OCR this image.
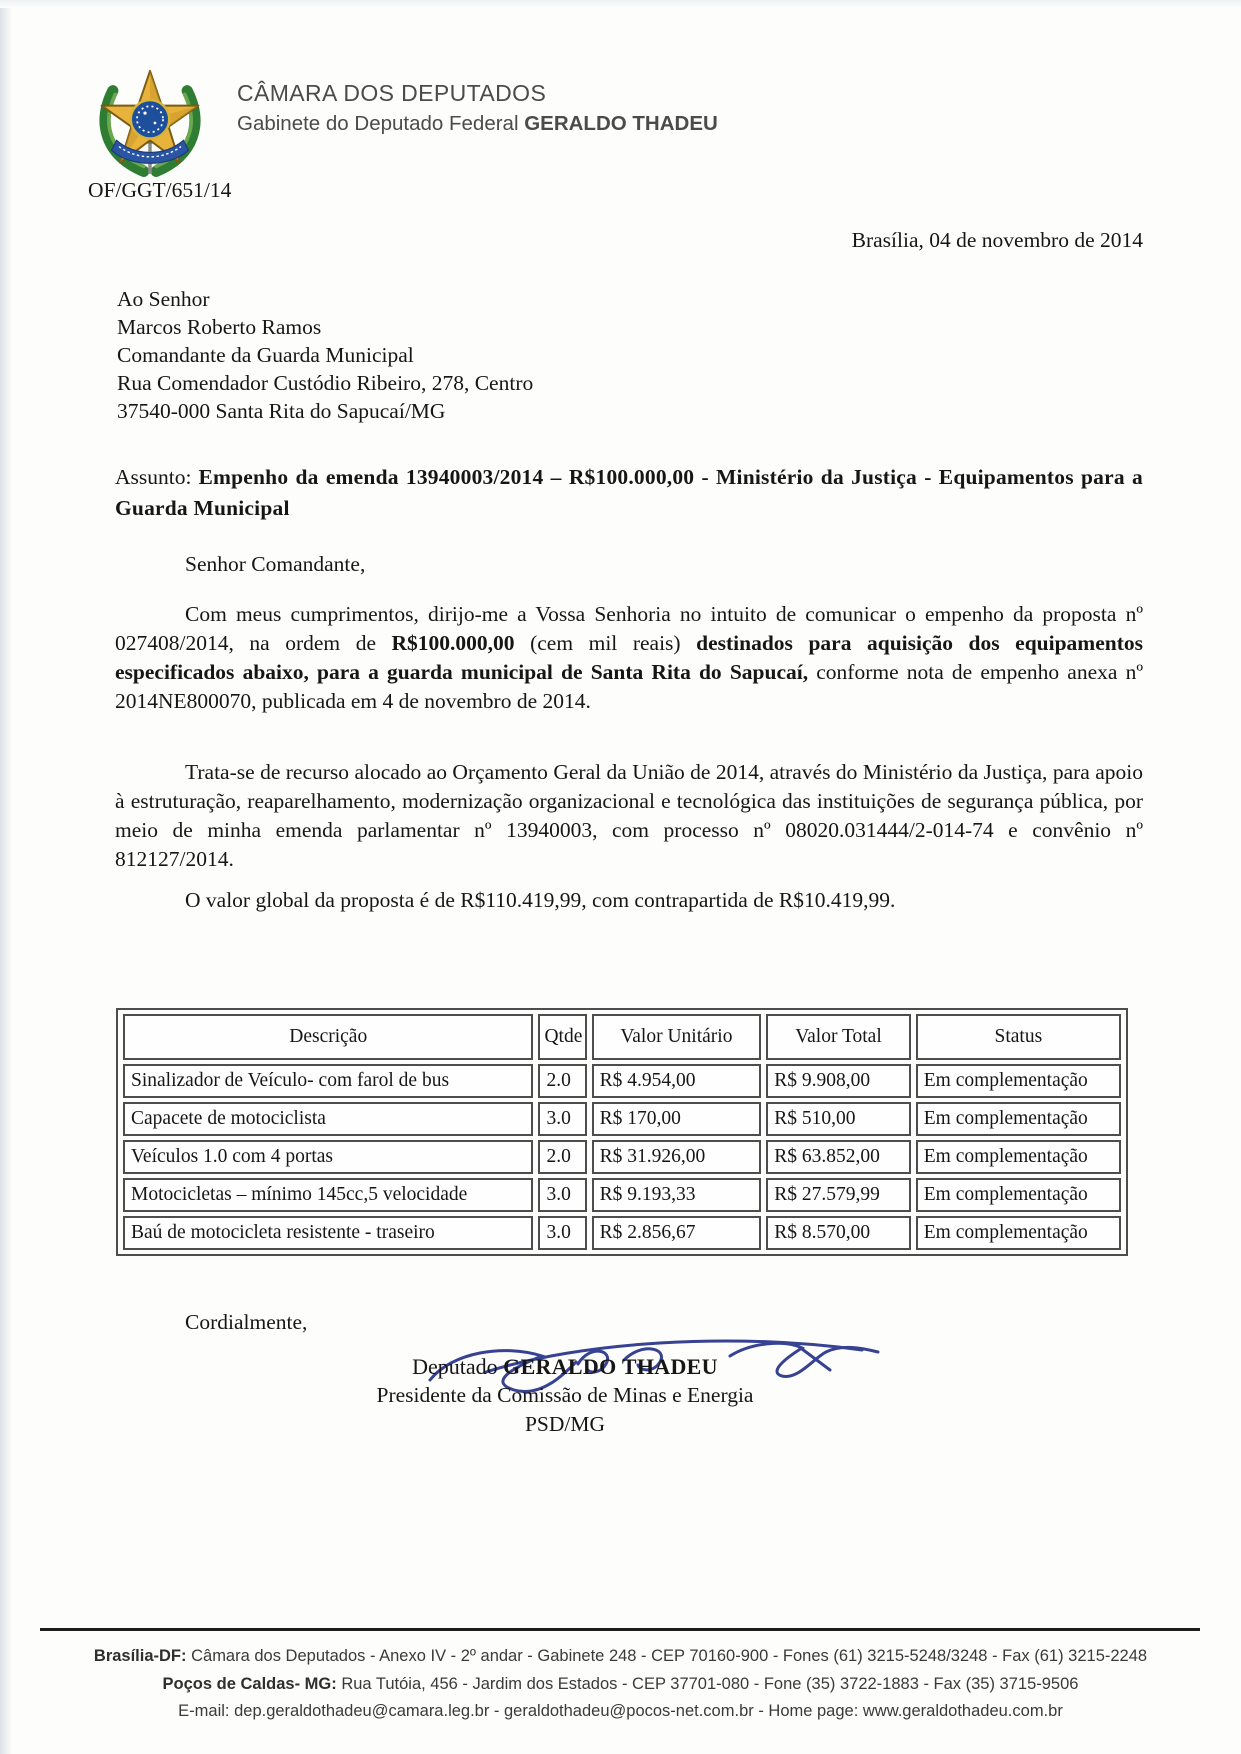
CÂMARA DOS DEPUTADOS
Gabinete do Deputado Federal GERALDO THADEU
OF/GGT/651/14
Brasília, 04 de novembro de 2014
Ao Senhor
Marcos Roberto Ramos
Comandante da Guarda Municipal
Rua Comendador Custódio Ribeiro, 278, Centro
37540-000 Santa Rita do Sapucaí/MG
Assunto: Empenho da emenda 13940003/2014 – R$100.000,00 - Ministério da Justiça - Equipamentos para a Guarda Municipal
Senhor Comandante,
Com meus cumprimentos, dirijo-me a Vossa Senhoria no intuito de comunicar o empenho da proposta nº 027408/2014, na ordem de R$100.000,00 (cem mil reais) destinados para aquisição dos equipamentos especificados abaixo, para a guarda municipal de Santa Rita do Sapucaí, conforme nota de empenho anexa nº 2014NE800070, publicada em 4 de novembro de 2014.
Trata-se de recurso alocado ao Orçamento Geral da União de 2014, através do Ministério da Justiça, para apoio à estruturação, reaparelhamento, modernização organizacional e tecnológica das instituições de segurança pública, por meio de minha emenda parlamentar nº 13940003, com processo nº 08020.031444/2-014-74 e convênio nº 812127/2014.
O valor global da proposta é de R$110.419,99, com contrapartida de R$10.419,99.
Descrição	Qtde	Valor Unitário	Valor Total	Status
Sinalizador de Veículo- com farol de bus	2.0	R$ 4.954,00	R$ 9.908,00	Em complementação
Capacete de motociclista	3.0	R$ 170,00	R$ 510,00	Em complementação
Veículos 1.0 com 4 portas	2.0	R$ 31.926,00	R$ 63.852,00	Em complementação
Motocicletas – mínimo 145cc,5 velocidade	3.0	R$ 9.193,33	R$ 27.579,99	Em complementação
Baú de motocicleta resistente - traseiro	3.0	R$ 2.856,67	R$ 8.570,00	Em complementação
Cordialmente,
Deputado GERALDO THADEU
Presidente da Comissão de Minas e Energia
PSD/MG
Brasília-DF: Câmara dos Deputados - Anexo IV - 2º andar - Gabinete 248 - CEP 70160-900 - Fones (61) 3215-5248/3248 - Fax (61) 3215-2248
Poços de Caldas- MG: Rua Tutóia, 456 - Jardim dos Estados - CEP 37701-080 - Fone (35) 3722-1883 - Fax (35) 3715-9506
E-mail: dep.geraldothadeu@camara.leg.br - geraldothadeu@pocos-net.com.br - Home page: www.geraldothadeu.com.br
